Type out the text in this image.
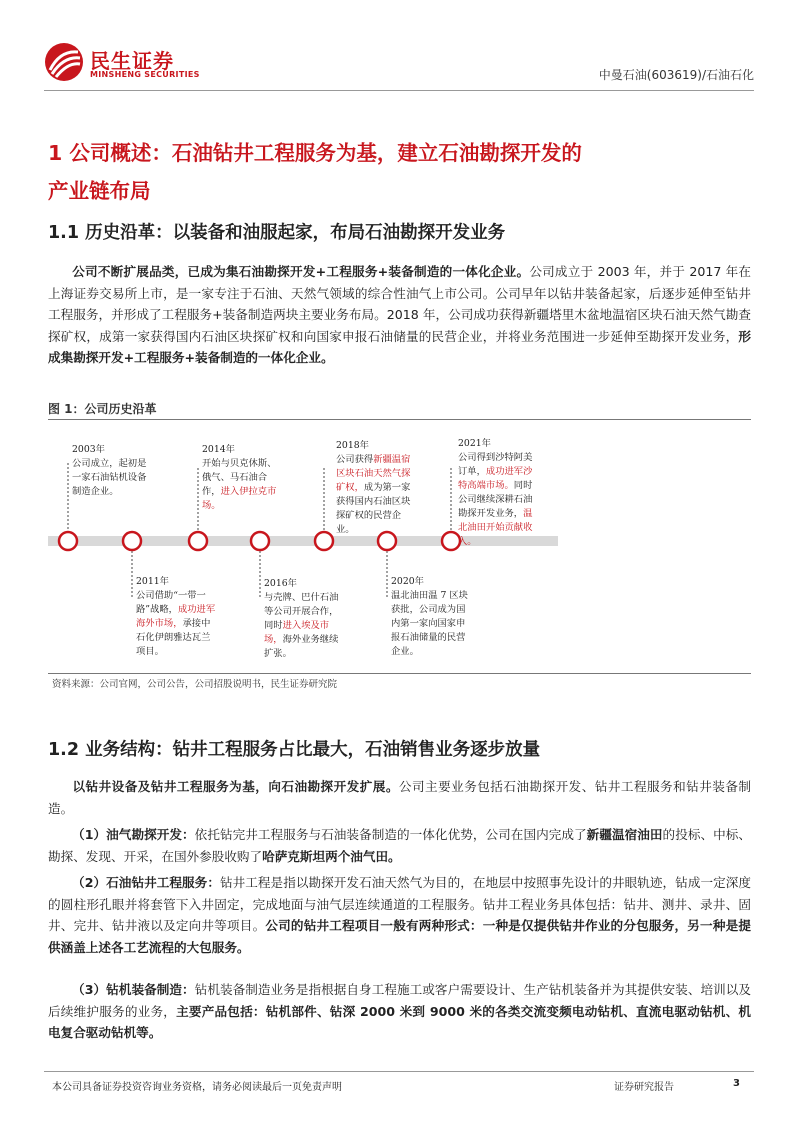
民生证券
MINSHENG SECURITIES	中曼石油(603619)/石油石化
1 公司概述：石油钻井工程服务为基，建立石油勘探开发的
产业链布局
1.1 历史沿革：以装备和油服起家，布局石油勘探开发业务

公司不断扩展品类，已成为集石油勘探开发+工程服务+装备制造的一体化企业。公司成立于 2003 年，并于 2017 年在上海证券交易所上市，是一家专注于石油、天然气领域的综合性油气上市公司。公司早年以钻井装备起家，后逐步延伸至钻井工程服务，并形成了工程服务+装备制造两块主要业务布局。2018 年，公司成功获得新疆塔里木盆地温宿区块石油天然气勘查探矿权，成第一家获得国内石油区块探矿权和向国家申报石油储量的民营企业，并将业务范围进一步延伸至勘探开发业务，形成集勘探开发+工程服务+装备制造的一体化企业。

图 1：公司历史沿革
2003年
公司成立，起初是一家石油钻机设备制造企业。
2011年
公司借助“一带一路”战略，成功进军海外市场，承接中石化伊朗雅达瓦兰项目。
2014年
开始与贝克休斯、俄气、马石油合作，进入伊拉克市场。
2016年
与壳牌、巴什石油等公司开展合作，同时进入埃及市场，海外业务继续扩张。
2018年
公司获得新疆温宿区块石油天然气探矿权，成为第一家获得国内石油区块探矿权的民营企业。
2020年
温北油田温 7 区块获批，公司成为国内第一家向国家申报石油储量的民营企业。
2021年
公司得到沙特阿美订单，成功进军沙特高端市场。同时公司继续深耕石油勘探开发业务，温北油田开始贡献收入。
资料来源：公司官网，公司公告，公司招股说明书，民生证券研究院
1.2 业务结构：钻井工程服务占比最大，石油销售业务逐步放量

以钻井设备及钻井工程服务为基，向石油勘探开发扩展。公司主要业务包括石油勘探开发、钻井工程服务和钻井装备制造。

（1）油气勘探开发：依托钻完井工程服务与石油装备制造的一体化优势，公司在国内完成了新疆温宿油田的投标、中标、勘探、发现、开采，在国外参股收购了哈萨克斯坦两个油气田。

（2）石油钻井工程服务：钻井工程是指以勘探开发石油天然气为目的，在地层中按照事先设计的井眼轨迹，钻成一定深度的圆柱形孔眼并将套管下入井固定，完成地面与油气层连续通道的工程服务。钻井工程业务具体包括：钻井、测井、录井、固井、完井、钻井液以及定向井等项目。公司的钻井工程项目一般有两种形式：一种是仅提供钻井作业的分包服务，另一种是提供涵盖上述各工艺流程的大包服务。

（3）钻机装备制造：钻机装备制造业务是指根据自身工程施工或客户需要设计、生产钻机装备并为其提供安装、培训以及后续维护服务的业务，主要产品包括：钻机部件、钻深 2000 米到 9000 米的各类交流变频电动钻机、直流电驱动钻机、机电复合驱动钻机等。

本公司具备证券投资咨询业务资格，请务必阅读最后一页免责声明	证券研究报告	3
